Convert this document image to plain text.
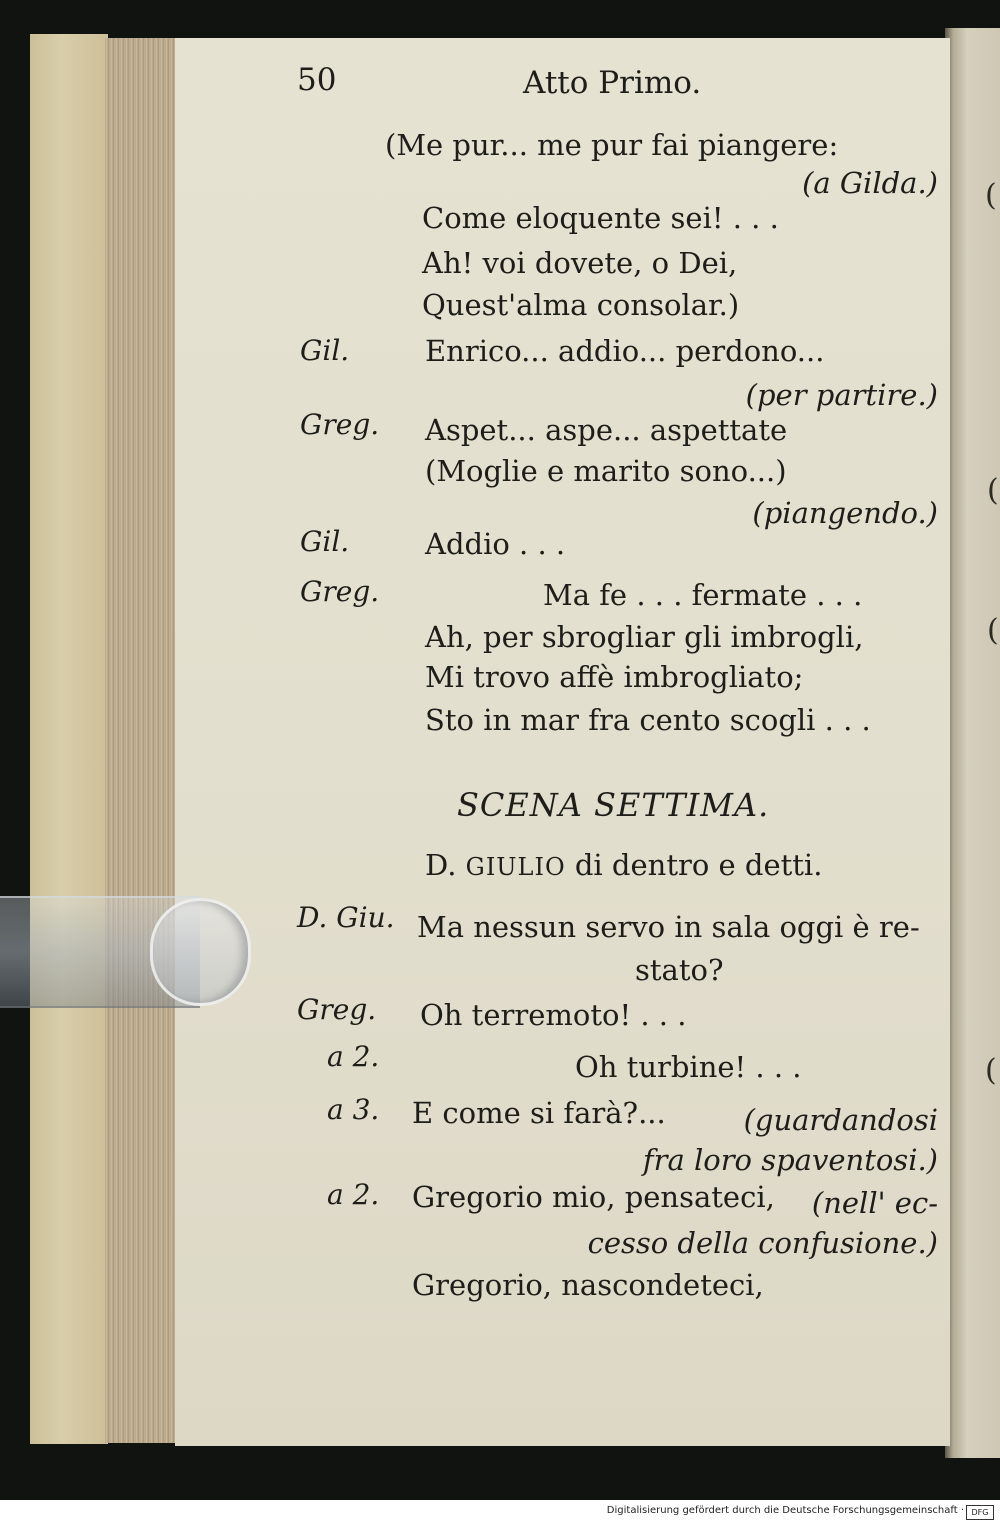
(
(
(
(
50	Atto Primo.
(Me pur... me pur fai piangere:
(a Gilda.)
Come eloquente sei! . . .
Ah! voi dovete, o Dei,
Quest'alma consolar.)
Gil.	Enrico... addio... perdono...
(per partire.)
Greg. Aspet... aspe... aspettate
(Moglie e marito sono...)
(piangendo.)
Gil.	Addio . . .
Greg.	Ma fe . . . fermate . . .
Ah, per sbrogliar gli imbrogli,
Mi trovo affè imbrogliato;
Sto in mar fra cento scogli . . .
SCENA SETTIMA.
D. GIULIO di dentro e detti.
D. Giu. Ma nessun servo in sala oggi è re-
stato?
Greg. Oh terremoto! . . .
a 2.	Oh turbine! . . .
a 3. E come si farà?...	(guardandosi
fra loro spaventosi.)
a 2. Gregorio mio, pensateci, (nell' ec-
cesso della confusione.)
Gregorio, nascondeteci,
Digitalisierung gefördert durch die Deutsche Forschungsgemeinschaft · DFG
